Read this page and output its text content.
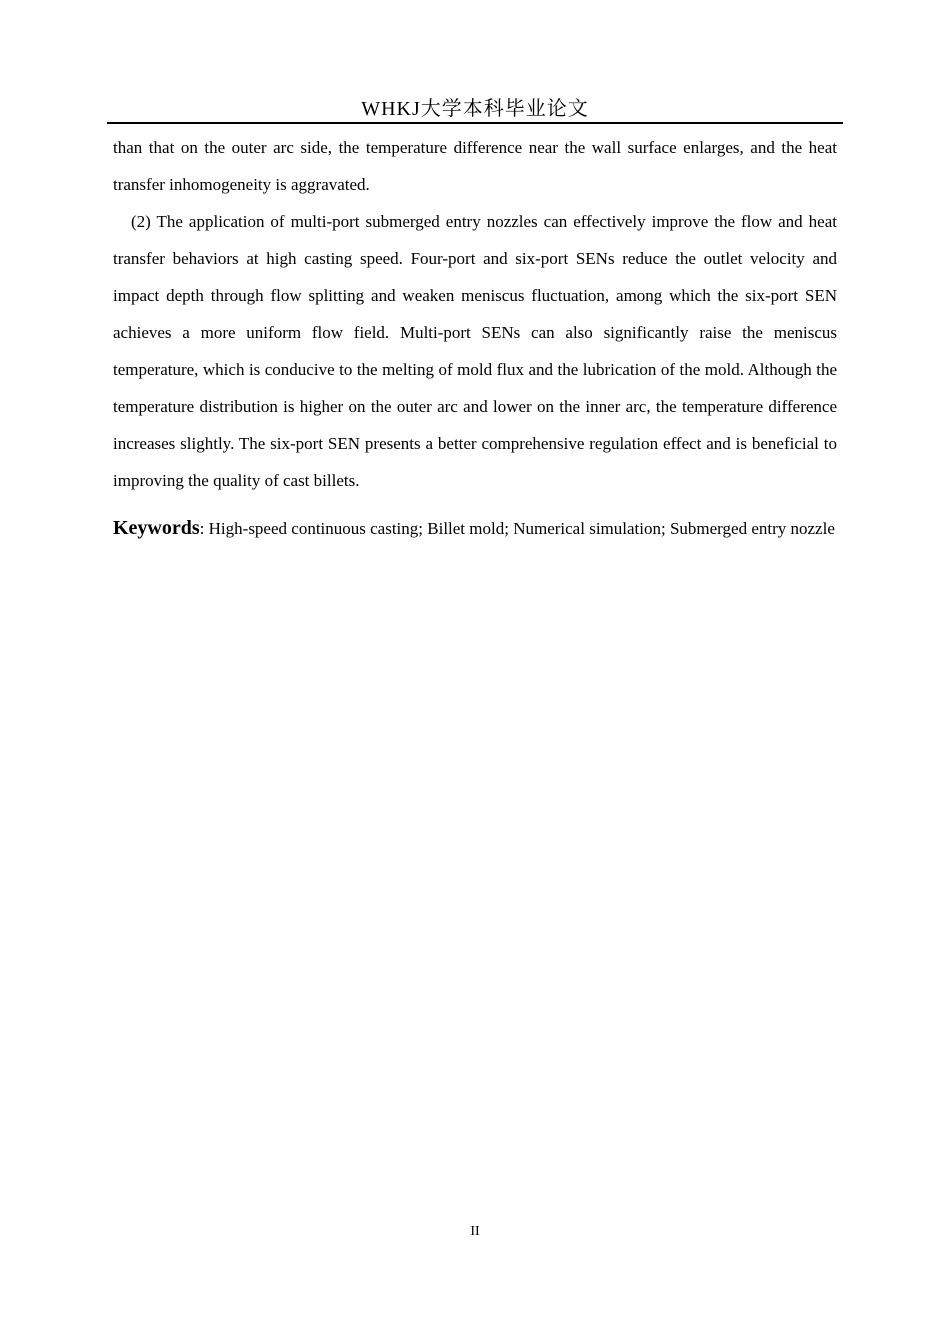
WHKJ大学本科毕业论文

than that on the outer arc side, the temperature difference near the wall surface enlarges, and the heat transfer inhomogeneity is aggravated.

(2) The application of multi-port submerged entry nozzles can effectively improve the flow and heat transfer behaviors at high casting speed. Four-port and six-port SENs reduce the outlet velocity and impact depth through flow splitting and weaken meniscus fluctuation, among which the six-port SEN achieves a more uniform flow field. Multi-port SENs can also significantly raise the meniscus temperature, which is conducive to the melting of mold flux and the lubrication of the mold. Although the temperature distribution is higher on the outer arc and lower on the inner arc, the temperature difference increases slightly. The six-port SEN presents a better comprehensive regulation effect and is beneficial to improving the quality of cast billets.

Keywords: High-speed continuous casting; Billet mold; Numerical simulation; Submerged entry nozzle

II
